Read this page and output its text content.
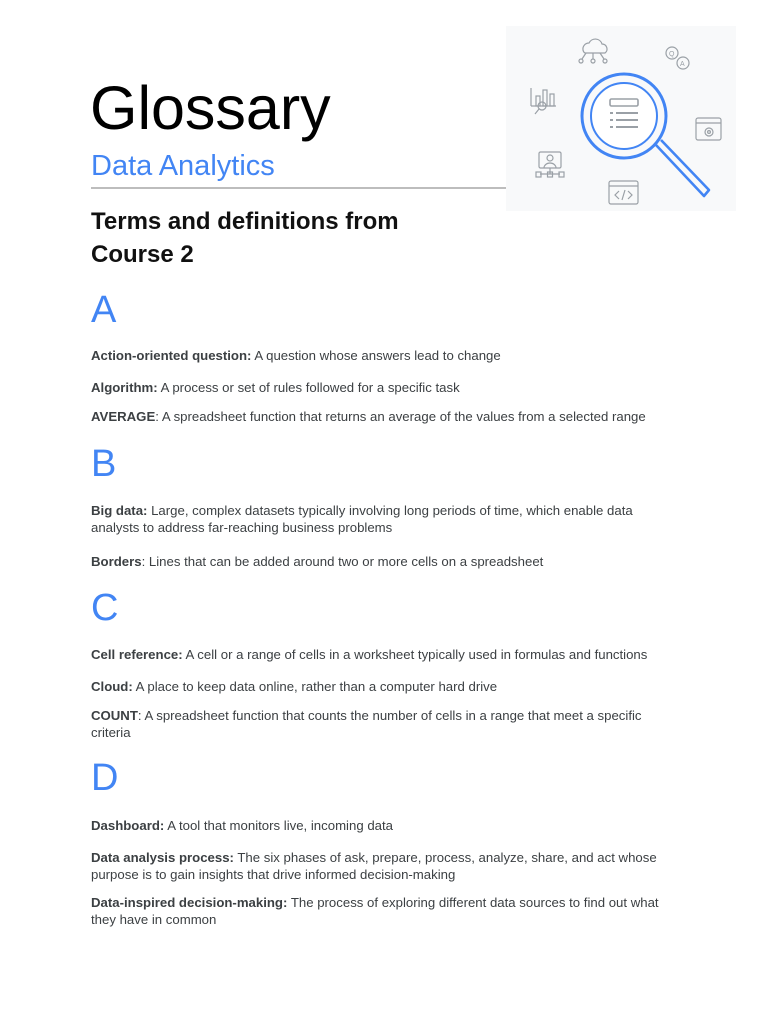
Glossary
Data Analytics
Q
A
Terms and definitions from
Course 2
A

Action-oriented question: A question whose answers lead to change

Algorithm: A process or set of rules followed for a specific task

AVERAGE: A spreadsheet function that returns an average of the values from a selected range

B

Big data: Large, complex datasets typically involving long periods of time, which enable data analysts to address far-reaching business problems

Borders: Lines that can be added around two or more cells on a spreadsheet

C

Cell reference: A cell or a range of cells in a worksheet typically used in formulas and functions

Cloud: A place to keep data online, rather than a computer hard drive

COUNT: A spreadsheet function that counts the number of cells in a range that meet a specific criteria

D

Dashboard: A tool that monitors live, incoming data

Data analysis process: The six phases of ask, prepare, process, analyze, share, and act whose purpose is to gain insights that drive informed decision-making

Data-inspired decision-making: The process of exploring different data sources to find out what they have in common
